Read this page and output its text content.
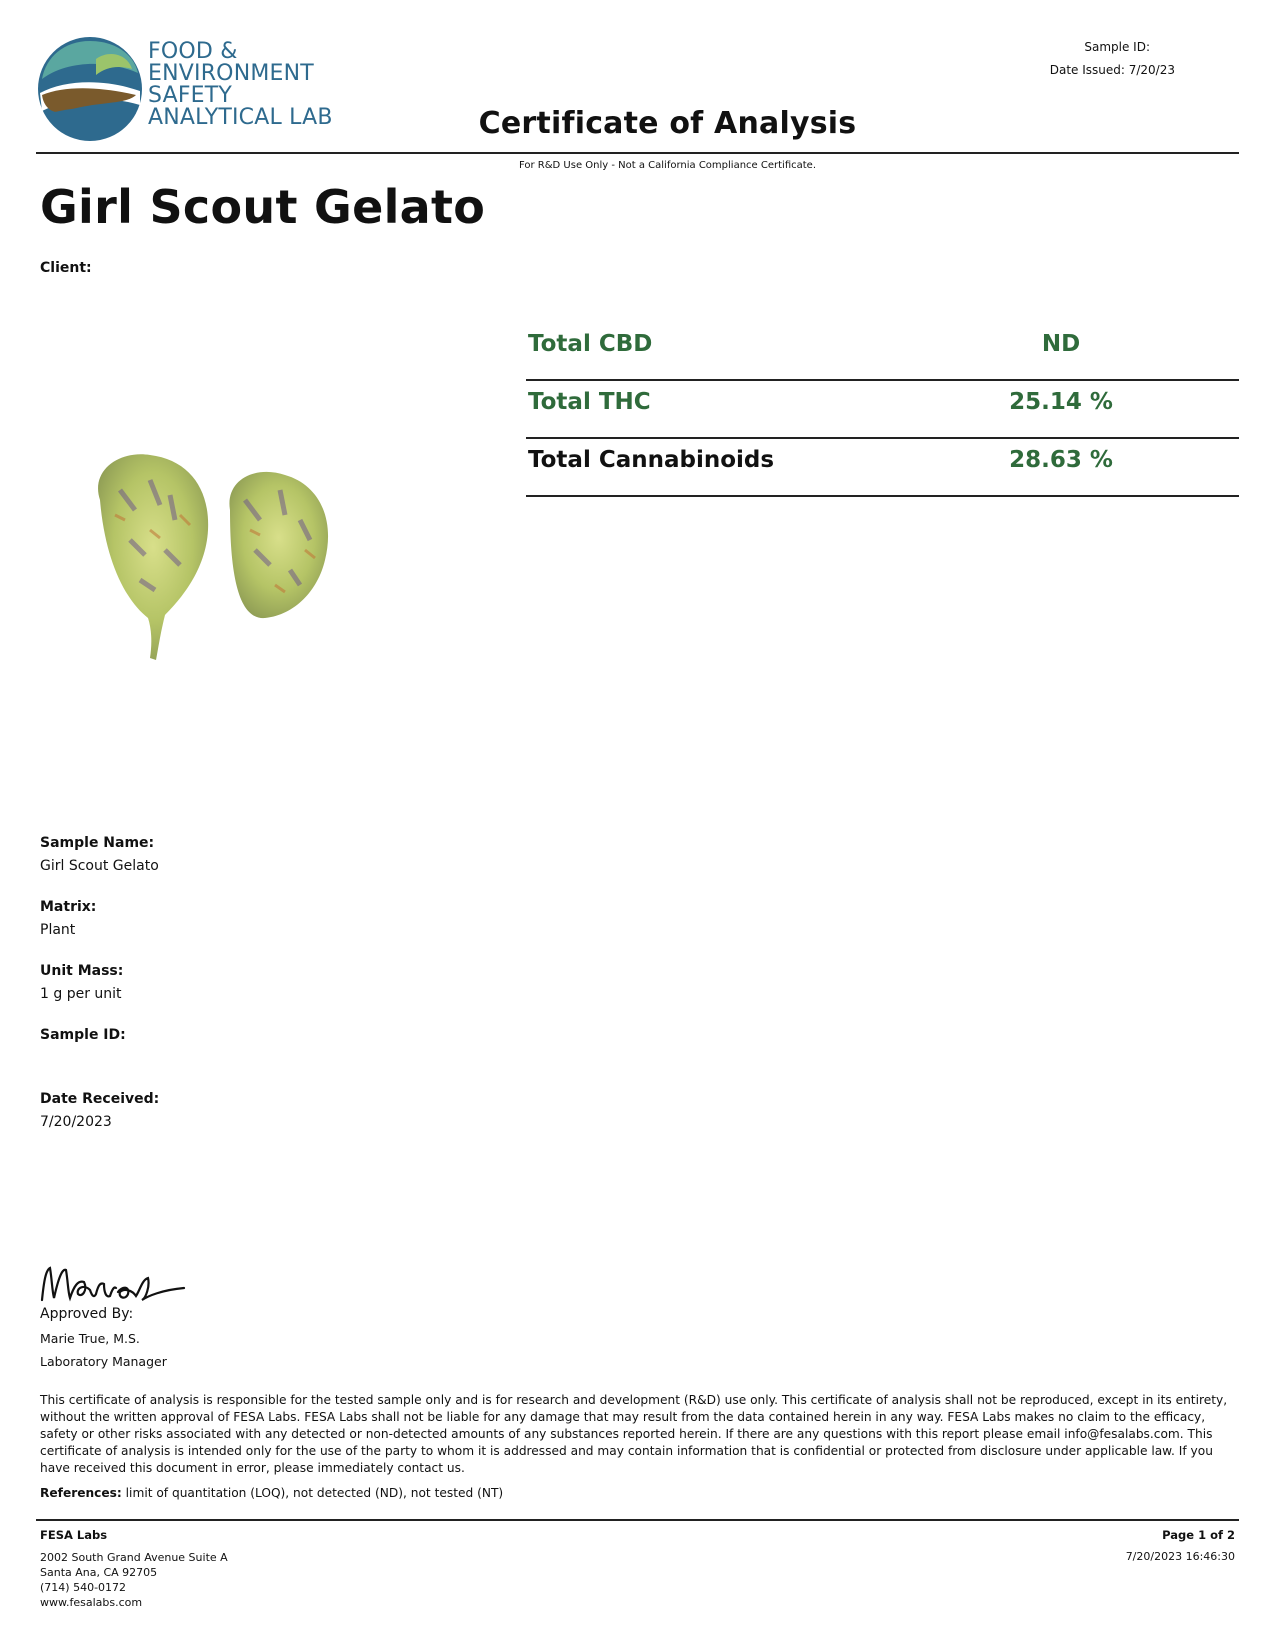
FOOD &
ENVIRONMENT
SAFETY
ANALYTICAL LAB
Sample ID:
Date Issued: 7/20/23
Certificate of Analysis
For R&D Use Only - Not a California Compliance Certificate.
Girl Scout Gelato
Client:
Total CBD	ND
Total THC	25.14 %
Total Cannabinoids	28.63 %
Sample Name:
Girl Scout Gelato
Matrix:
Plant
Unit Mass:
1 g per unit
Sample ID:
Date Received:
7/20/2023
Approved By:
Marie True, M.S.
Laboratory Manager
This certificate of analysis is responsible for the tested sample only and is for research and development (R&D) use only. This certificate of analysis shall not be reproduced, except in its entirety, without the written approval of FESA Labs. FESA Labs shall not be liable for any damage that may result from the data contained herein in any way. FESA Labs makes no claim to the efficacy, safety or other risks associated with any detected or non-detected amounts of any substances reported herein. If there are any questions with this report please email info@fesalabs.com. This certificate of analysis is intended only for the use of the party to whom it is addressed and may contain information that is confidential or protected from disclosure under applicable law. If you have received this document in error, please immediately contact us.
References: limit of quantitation (LOQ), not detected (ND), not tested (NT)
FESA Labs
2002 South Grand Avenue Suite A
Santa Ana, CA 92705
(714) 540-0172
www.fesalabs.com
Page 1 of 2
7/20/2023 16:46:30
